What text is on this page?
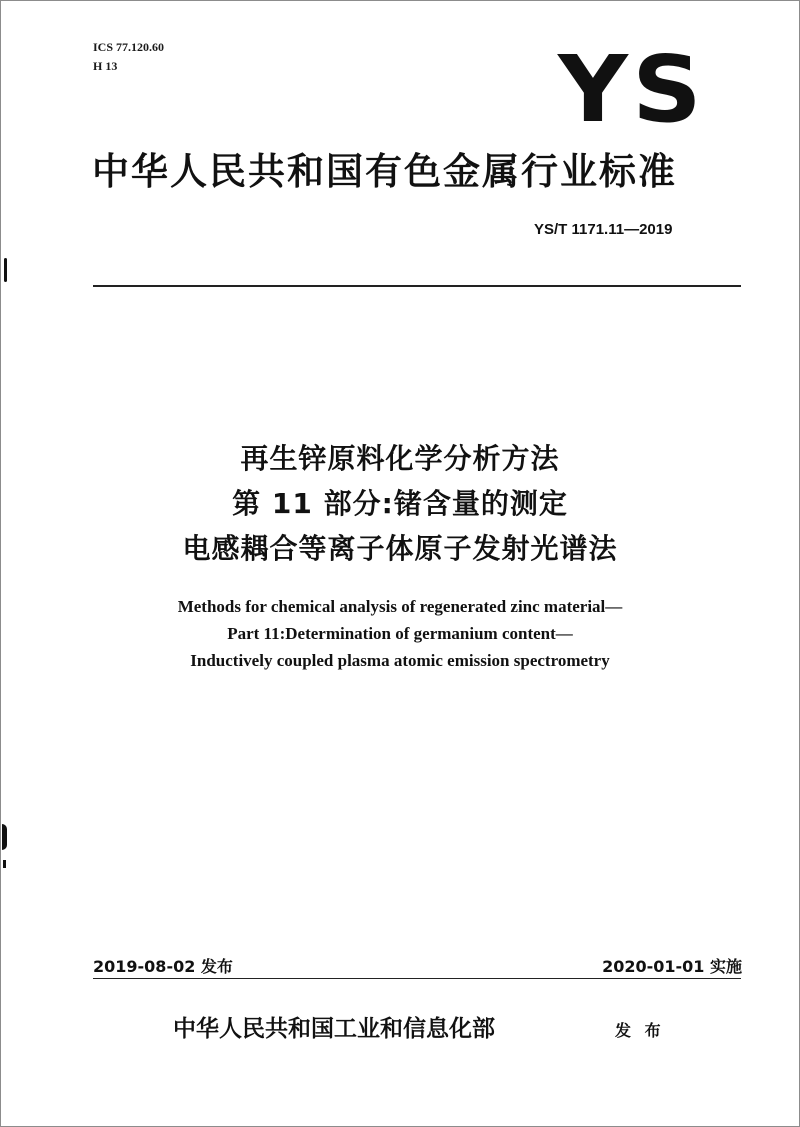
ICS 77.120.60
H 13	YS
中华人民共和国有色金属行业标准
YS/T 1171.11—2019
再生锌原料化学分析方法
第 11 部分:锗含量的测定
电感耦合等离子体原子发射光谱法
Methods for chemical analysis of regenerated zinc material—
Part 11:Determination of germanium content—
Inductively coupled plasma atomic emission spectrometry
2019-08-02 发布	2020-01-01 实施
中华人民共和国工业和信息化部	发 布
